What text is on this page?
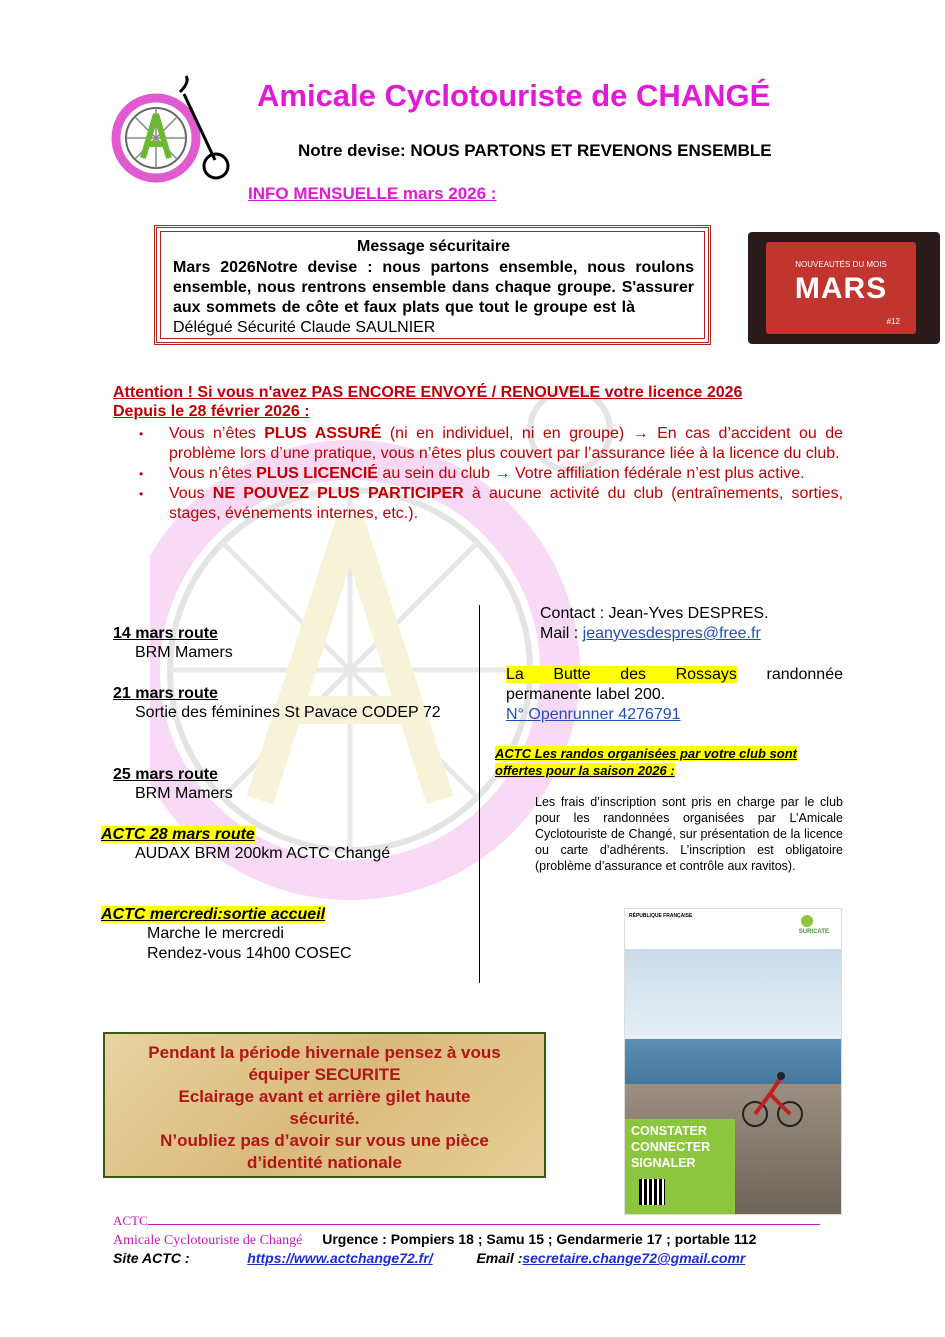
Amicale Cyclotouriste de CHANGÉ
Notre devise: NOUS PARTONS ET REVENONS ENSEMBLE
INFO MENSUELLE mars 2026 :
Message sécuritaire
Mars 2026Notre devise : nous partons ensemble, nous roulons ensemble, nous rentrons ensemble dans chaque groupe. S'assurer aux sommets de côte et faux plats que tout le groupe est là            Délégué Sécurité Claude SAULNIER
NOUVEAUTÉS DU MOIS
MARS
#12
Attention ! Si vous n'avez PAS ENCORE ENVOYÉ / RENOUVELE votre licence 2026
Depuis le 28 février 2026 :
• Vous n’êtes PLUS ASSURÉ (ni en individuel, ni en groupe) → En cas d’accident ou de problème lors d’une pratique, vous n’êtes plus couvert par l’assurance liée à la licence du club.
• Vous n’êtes PLUS LICENCIÉ au sein du club → Votre affiliation fédérale n’est plus active.
• Vous NE POUVEZ PLUS PARTICIPER à aucune activité du club (entraînements, sorties, stages, événements internes, etc.).
14 mars route
BRM Mamers
21 mars route
Sortie des féminines St Pavace CODEP 72
25 mars route
BRM Mamers
ACTC 28 mars route
AUDAX BRM 200km ACTC Changé
ACTC mercredi:sortie accueil
Marche le mercredi
Rendez-vous 14h00 COSEC
Contact : Jean-Yves DESPRES.
Mail : jeanyvesdespres@free.fr
La Butte des Rossays randonnée
permanente label 200.
N° Openrunner 4276791
ACTC Les randos organisées par votre club sont offertes pour la saison 2026 :
Les frais d’inscription sont pris en charge par le club pour les randonnées organisées par L’Amicale Cyclotouriste de Changé, sur présentation de la licence ou carte d’adhérents. L’inscription est obligatoire (problème d’assurance et contrôle aux ravitos).
RÉPUBLIQUE FRANÇAISE
SURICATE
CONSTATER
CONNECTER
SIGNALER
Pendant la période hivernale pensez à vous
équiper SECURITE
Eclairage avant et arrière gilet haute
sécurité.
N’oubliez pas d’avoir sur vous une pièce
d’identité nationale
ACTC
Amicale Cyclotouriste de Changé Urgence : Pompiers 18 ; Samu 15 ; Gendarmerie 17 ; portable 112
Site ACTC :	https://www.actchange72.fr/	Email :secretaire.change72@gmail.comr
